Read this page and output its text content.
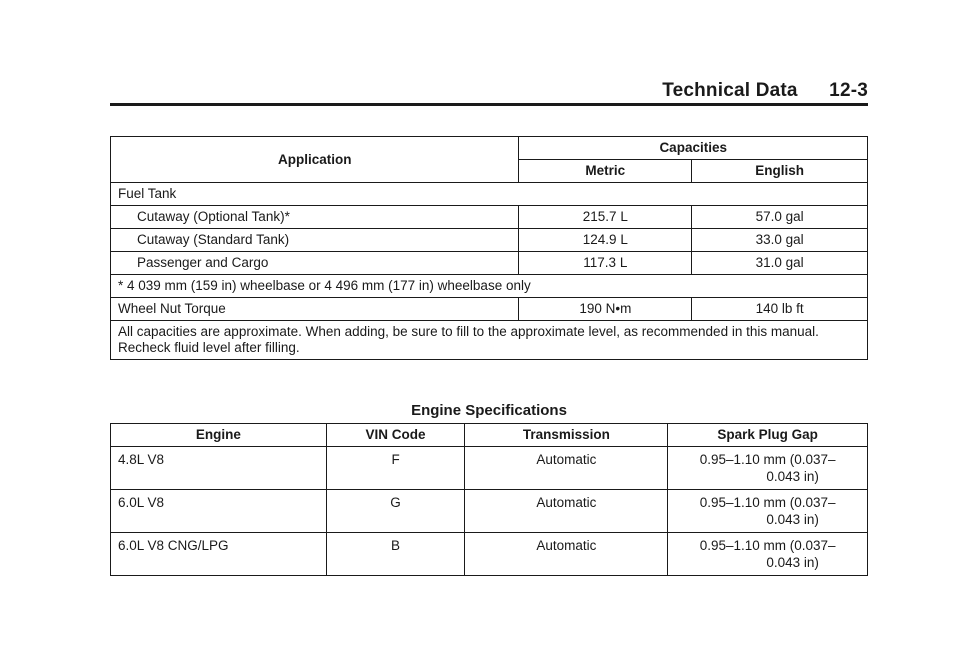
Technical Data 12-3
Application	Capacities	
	Metric	English
Fuel Tank		
Cutaway (Optional Tank)*	215.7 L	57.0 gal
Cutaway (Standard Tank)	124.9 L	33.0 gal
Passenger and Cargo	117.3 L	31.0 gal
* 4 039 mm (159 in) wheelbase or 4 496 mm (177 in) wheelbase only		
Wheel Nut Torque	190 N•m	140 lb ft
All capacities are approximate. When adding, be sure to fill to the approximate level, as recommended in this manual. Recheck fluid level after filling.		
Engine Specifications
Engine	VIN Code	Transmission	Spark Plug Gap
4.8L V8	F	Automatic	0.95–1.10 mm (0.037–
0.043 in)

6.0L V8	G	Automatic	0.95–1.10 mm (0.037–
0.043 in)

6.0L V8 CNG/LPG	B	Automatic	0.95–1.10 mm (0.037–
0.043 in)
